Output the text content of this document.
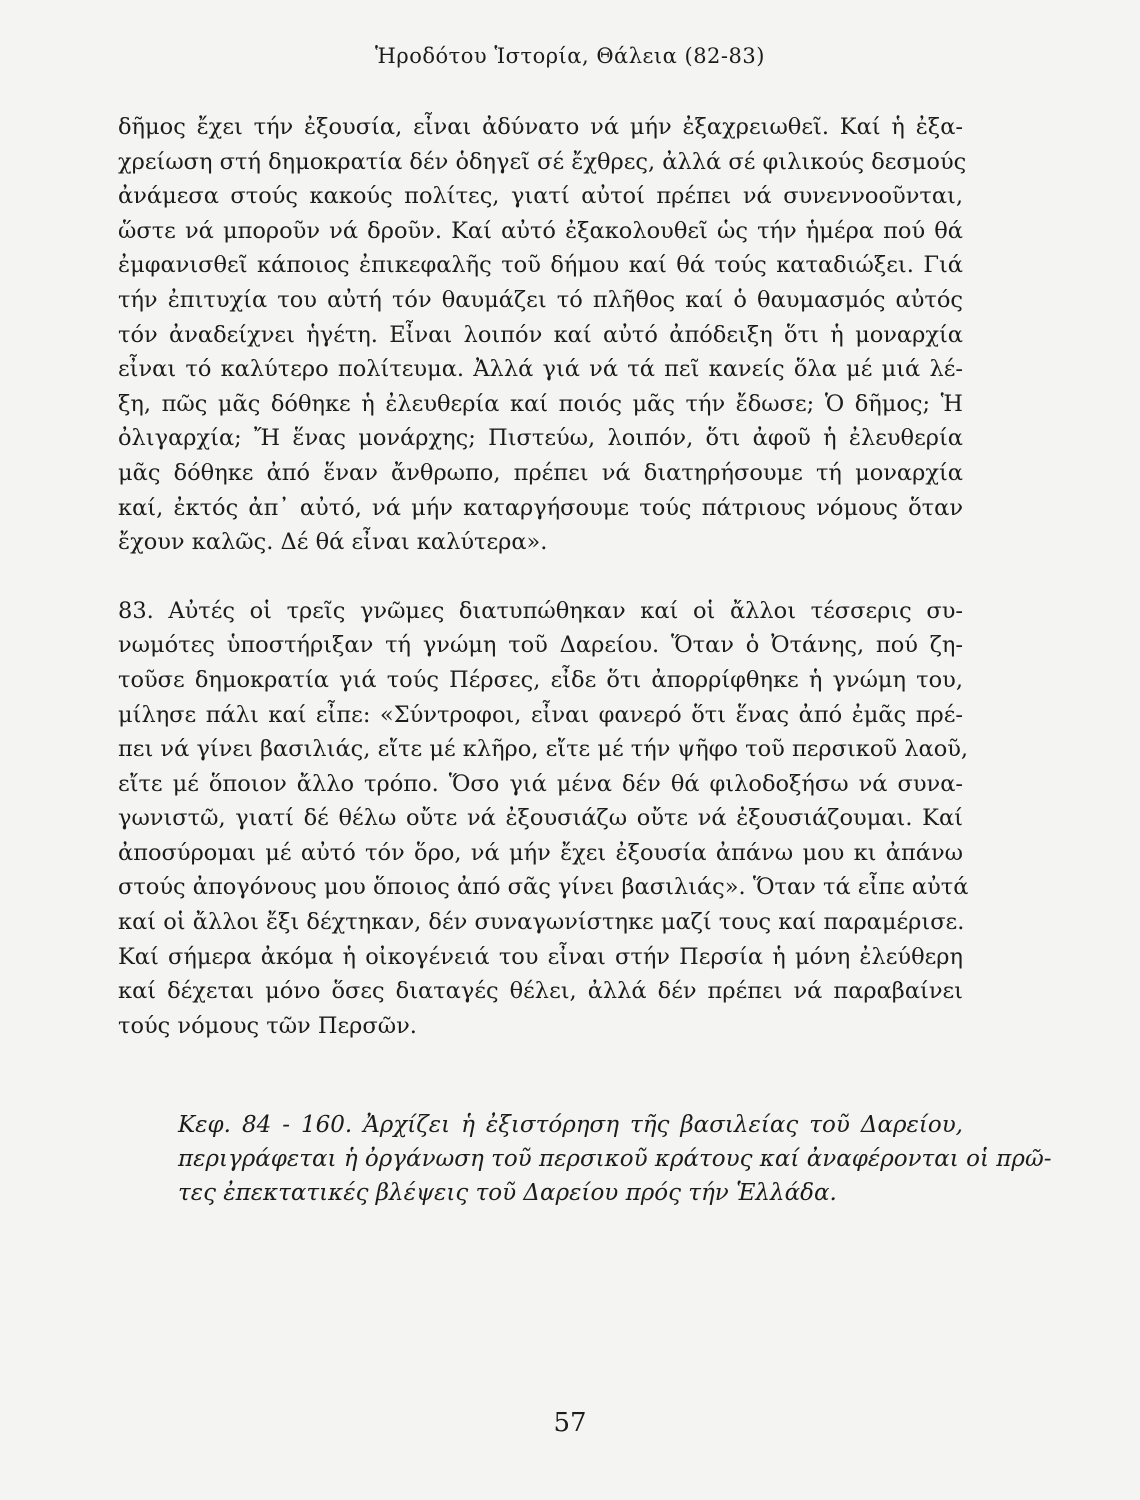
Ἡροδότου Ἱστορία, Θάλεια (82-83)
δῆμος ἔχει τήν ἐξουσία, εἶναι ἀδύνατο νά μήν ἐξαχρειωθεῖ. Καί ἡ ἐξα-
χρείωση στή δημοκρατία δέν ὁδηγεῖ σέ ἔχθρες, ἀλλά σέ φιλικούς δεσμούς
ἀνάμεσα στούς κακούς πολίτες, γιατί αὐτοί πρέπει νά συνεννοοῦνται,
ὥστε νά μποροῦν νά δροῦν. Καί αὐτό ἐξακολουθεῖ ὡς τήν ἡμέρα πού θά
ἐμφανισθεῖ κάποιος ἐπικεφαλῆς τοῦ δήμου καί θά τούς καταδιώξει. Γιά
τήν ἐπιτυχία του αὐτή τόν θαυμάζει τό πλῆθος καί ὁ θαυμασμός αὐτός
τόν ἀναδείχνει ἡγέτη. Εἶναι λοιπόν καί αὐτό ἀπόδειξη ὅτι ἡ μοναρχία
εἶναι τό καλύτερο πολίτευμα. Ἀλλά γιά νά τά πεῖ κανείς ὅλα μέ μιά λέ-
ξη, πῶς μᾶς δόθηκε ἡ ἐλευθερία καί ποιός μᾶς τήν ἔδωσε; Ὁ δῆμος; Ἡ
ὀλιγαρχία; Ἤ ἕνας μονάρχης; Πιστεύω, λοιπόν, ὅτι ἀφοῦ ἡ ἐλευθερία
μᾶς δόθηκε ἀπό ἕναν ἄνθρωπο, πρέπει νά διατηρήσουμε τή μοναρχία
καί, ἐκτός ἀπ᾽ αὐτό, νά μήν καταργήσουμε τούς πάτριους νόμους ὅταν
ἔχουν καλῶς. Δέ θά εἶναι καλύτερα».
83. Αὐτές οἱ τρεῖς γνῶμες διατυπώθηκαν καί οἱ ἄλλοι τέσσερις συ-
νωμότες ὑποστήριξαν τή γνώμη τοῦ Δαρείου. Ὅταν ὁ Ὀτάνης, πού ζη-
τοῦσε δημοκρατία γιά τούς Πέρσες, εἶδε ὅτι ἀπορρίφθηκε ἡ γνώμη του,
μίλησε πάλι καί εἶπε: «Σύντροφοι, εἶναι φανερό ὅτι ἕνας ἀπό ἐμᾶς πρέ-
πει νά γίνει βασιλιάς, εἴτε μέ κλῆρο, εἴτε μέ τήν ψῆφο τοῦ περσικοῦ λαοῦ,
εἴτε μέ ὅποιον ἄλλο τρόπο. Ὅσο γιά μένα δέν θά φιλοδοξήσω νά συνα-
γωνιστῶ, γιατί δέ θέλω οὔτε νά ἐξουσιάζω οὔτε νά ἐξουσιάζουμαι. Καί
ἀποσύρομαι μέ αὐτό τόν ὅρο, νά μήν ἔχει ἐξουσία ἀπάνω μου κι ἀπάνω
στούς ἀπογόνους μου ὅποιος ἀπό σᾶς γίνει βασιλιάς». Ὅταν τά εἶπε αὐτά
καί οἱ ἄλλοι ἔξι δέχτηκαν, δέν συναγωνίστηκε μαζί τους καί παραμέρισε.
Καί σήμερα ἀκόμα ἡ οἰκογένειά του εἶναι στήν Περσία ἡ μόνη ἐλεύθερη
καί δέχεται μόνο ὅσες διαταγές θέλει, ἀλλά δέν πρέπει νά παραβαίνει
τούς νόμους τῶν Περσῶν.
Κεφ. 84 - 160. Ἀρχίζει ἡ ἐξιστόρηση τῆς βασιλείας τοῦ Δαρείου,
περιγράφεται ἡ ὀργάνωση τοῦ περσικοῦ κράτους καί ἀναφέρονται οἱ πρῶ-
τες ἐπεκτατικές βλέψεις τοῦ Δαρείου πρός τήν Ἑλλάδα.
57
